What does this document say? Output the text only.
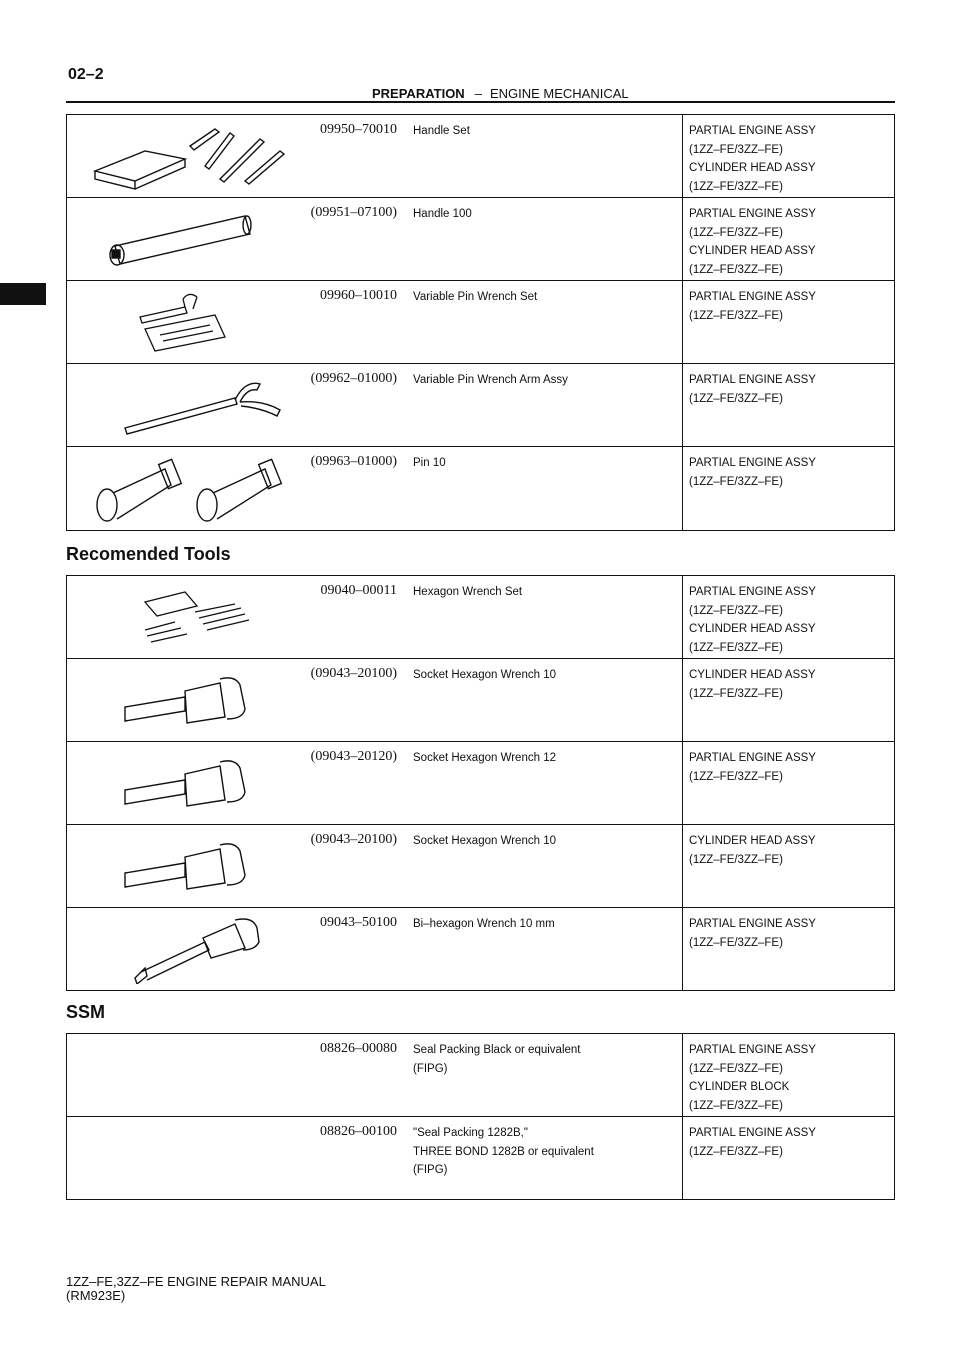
02–2
PREPARATION – ENGINE MECHANICAL
09950–70010 Handle Set	PARTIAL ENGINE ASSY
(1ZZ–FE/3ZZ–FE)
CYLINDER HEAD ASSY
(1ZZ–FE/3ZZ–FE)
(09951–07100) Handle 100	PARTIAL ENGINE ASSY
(1ZZ–FE/3ZZ–FE)
CYLINDER HEAD ASSY
(1ZZ–FE/3ZZ–FE)
09960–10010 Variable Pin Wrench Set	PARTIAL ENGINE ASSY
(1ZZ–FE/3ZZ–FE)
(09962–01000) Variable Pin Wrench Arm Assy	PARTIAL ENGINE ASSY
(1ZZ–FE/3ZZ–FE)
(09963–01000) Pin 10	PARTIAL ENGINE ASSY
(1ZZ–FE/3ZZ–FE)
Recomended Tools
09040–00011 Hexagon Wrench Set	PARTIAL ENGINE ASSY
(1ZZ–FE/3ZZ–FE)
CYLINDER HEAD ASSY
(1ZZ–FE/3ZZ–FE)
(09043–20100) Socket Hexagon Wrench 10	CYLINDER HEAD ASSY
(1ZZ–FE/3ZZ–FE)
(09043–20120) Socket Hexagon Wrench 12	PARTIAL ENGINE ASSY
(1ZZ–FE/3ZZ–FE)
(09043–20100) Socket Hexagon Wrench 10	CYLINDER HEAD ASSY
(1ZZ–FE/3ZZ–FE)
09043–50100 Bi–hexagon Wrench 10 mm	PARTIAL ENGINE ASSY
(1ZZ–FE/3ZZ–FE)
SSM
08826–00080 Seal Packing Black or equivalent
(FIPG)
PARTIAL ENGINE ASSY
(1ZZ–FE/3ZZ–FE)
CYLINDER BLOCK
(1ZZ–FE/3ZZ–FE)
08826–00100 "Seal Packing 1282B,"
THREE BOND 1282B or equivalent
(FIPG)
PARTIAL ENGINE ASSY
(1ZZ–FE/3ZZ–FE)
1ZZ–FE,3ZZ–FE ENGINE REPAIR MANUAL
(RM923E)
